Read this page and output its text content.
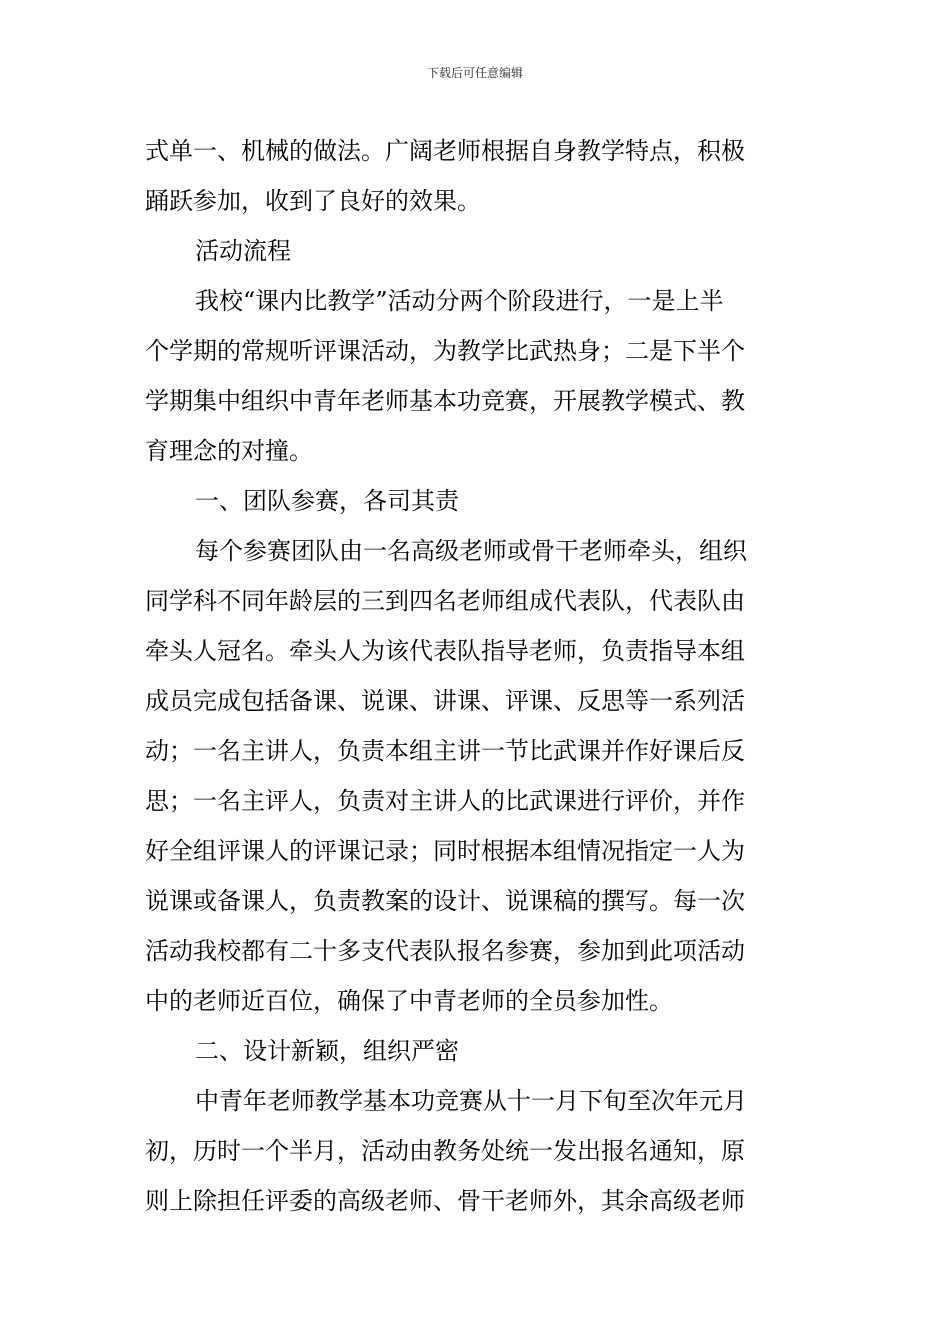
下载后可任意编辑
式单一、机械的做法。广阔老师根据自身教学特点，积极
踊跃参加，收到了良好的效果。
活动流程
我校“课内比教学”活动分两个阶段进行，一是上半
个学期的常规听评课活动，为教学比武热身；二是下半个
学期集中组织中青年老师基本功竞赛，开展教学模式、教
育理念的对撞。
一、团队参赛，各司其责
每个参赛团队由一名高级老师或骨干老师牵头，组织
同学科不同年龄层的三到四名老师组成代表队，代表队由
牵头人冠名。牵头人为该代表队指导老师，负责指导本组
成员完成包括备课、说课、讲课、评课、反思等一系列活
动；一名主讲人，负责本组主讲一节比武课并作好课后反
思；一名主评人，负责对主讲人的比武课进行评价，并作
好全组评课人的评课记录；同时根据本组情况指定一人为
说课或备课人，负责教案的设计、说课稿的撰写。每一次
活动我校都有二十多支代表队报名参赛，参加到此项活动
中的老师近百位，确保了中青老师的全员参加性。
二、设计新颖，组织严密
中青年老师教学基本功竞赛从十一月下旬至次年元月
初，历时一个半月，活动由教务处统一发出报名通知，原
则上除担任评委的高级老师、骨干老师外，其余高级老师
